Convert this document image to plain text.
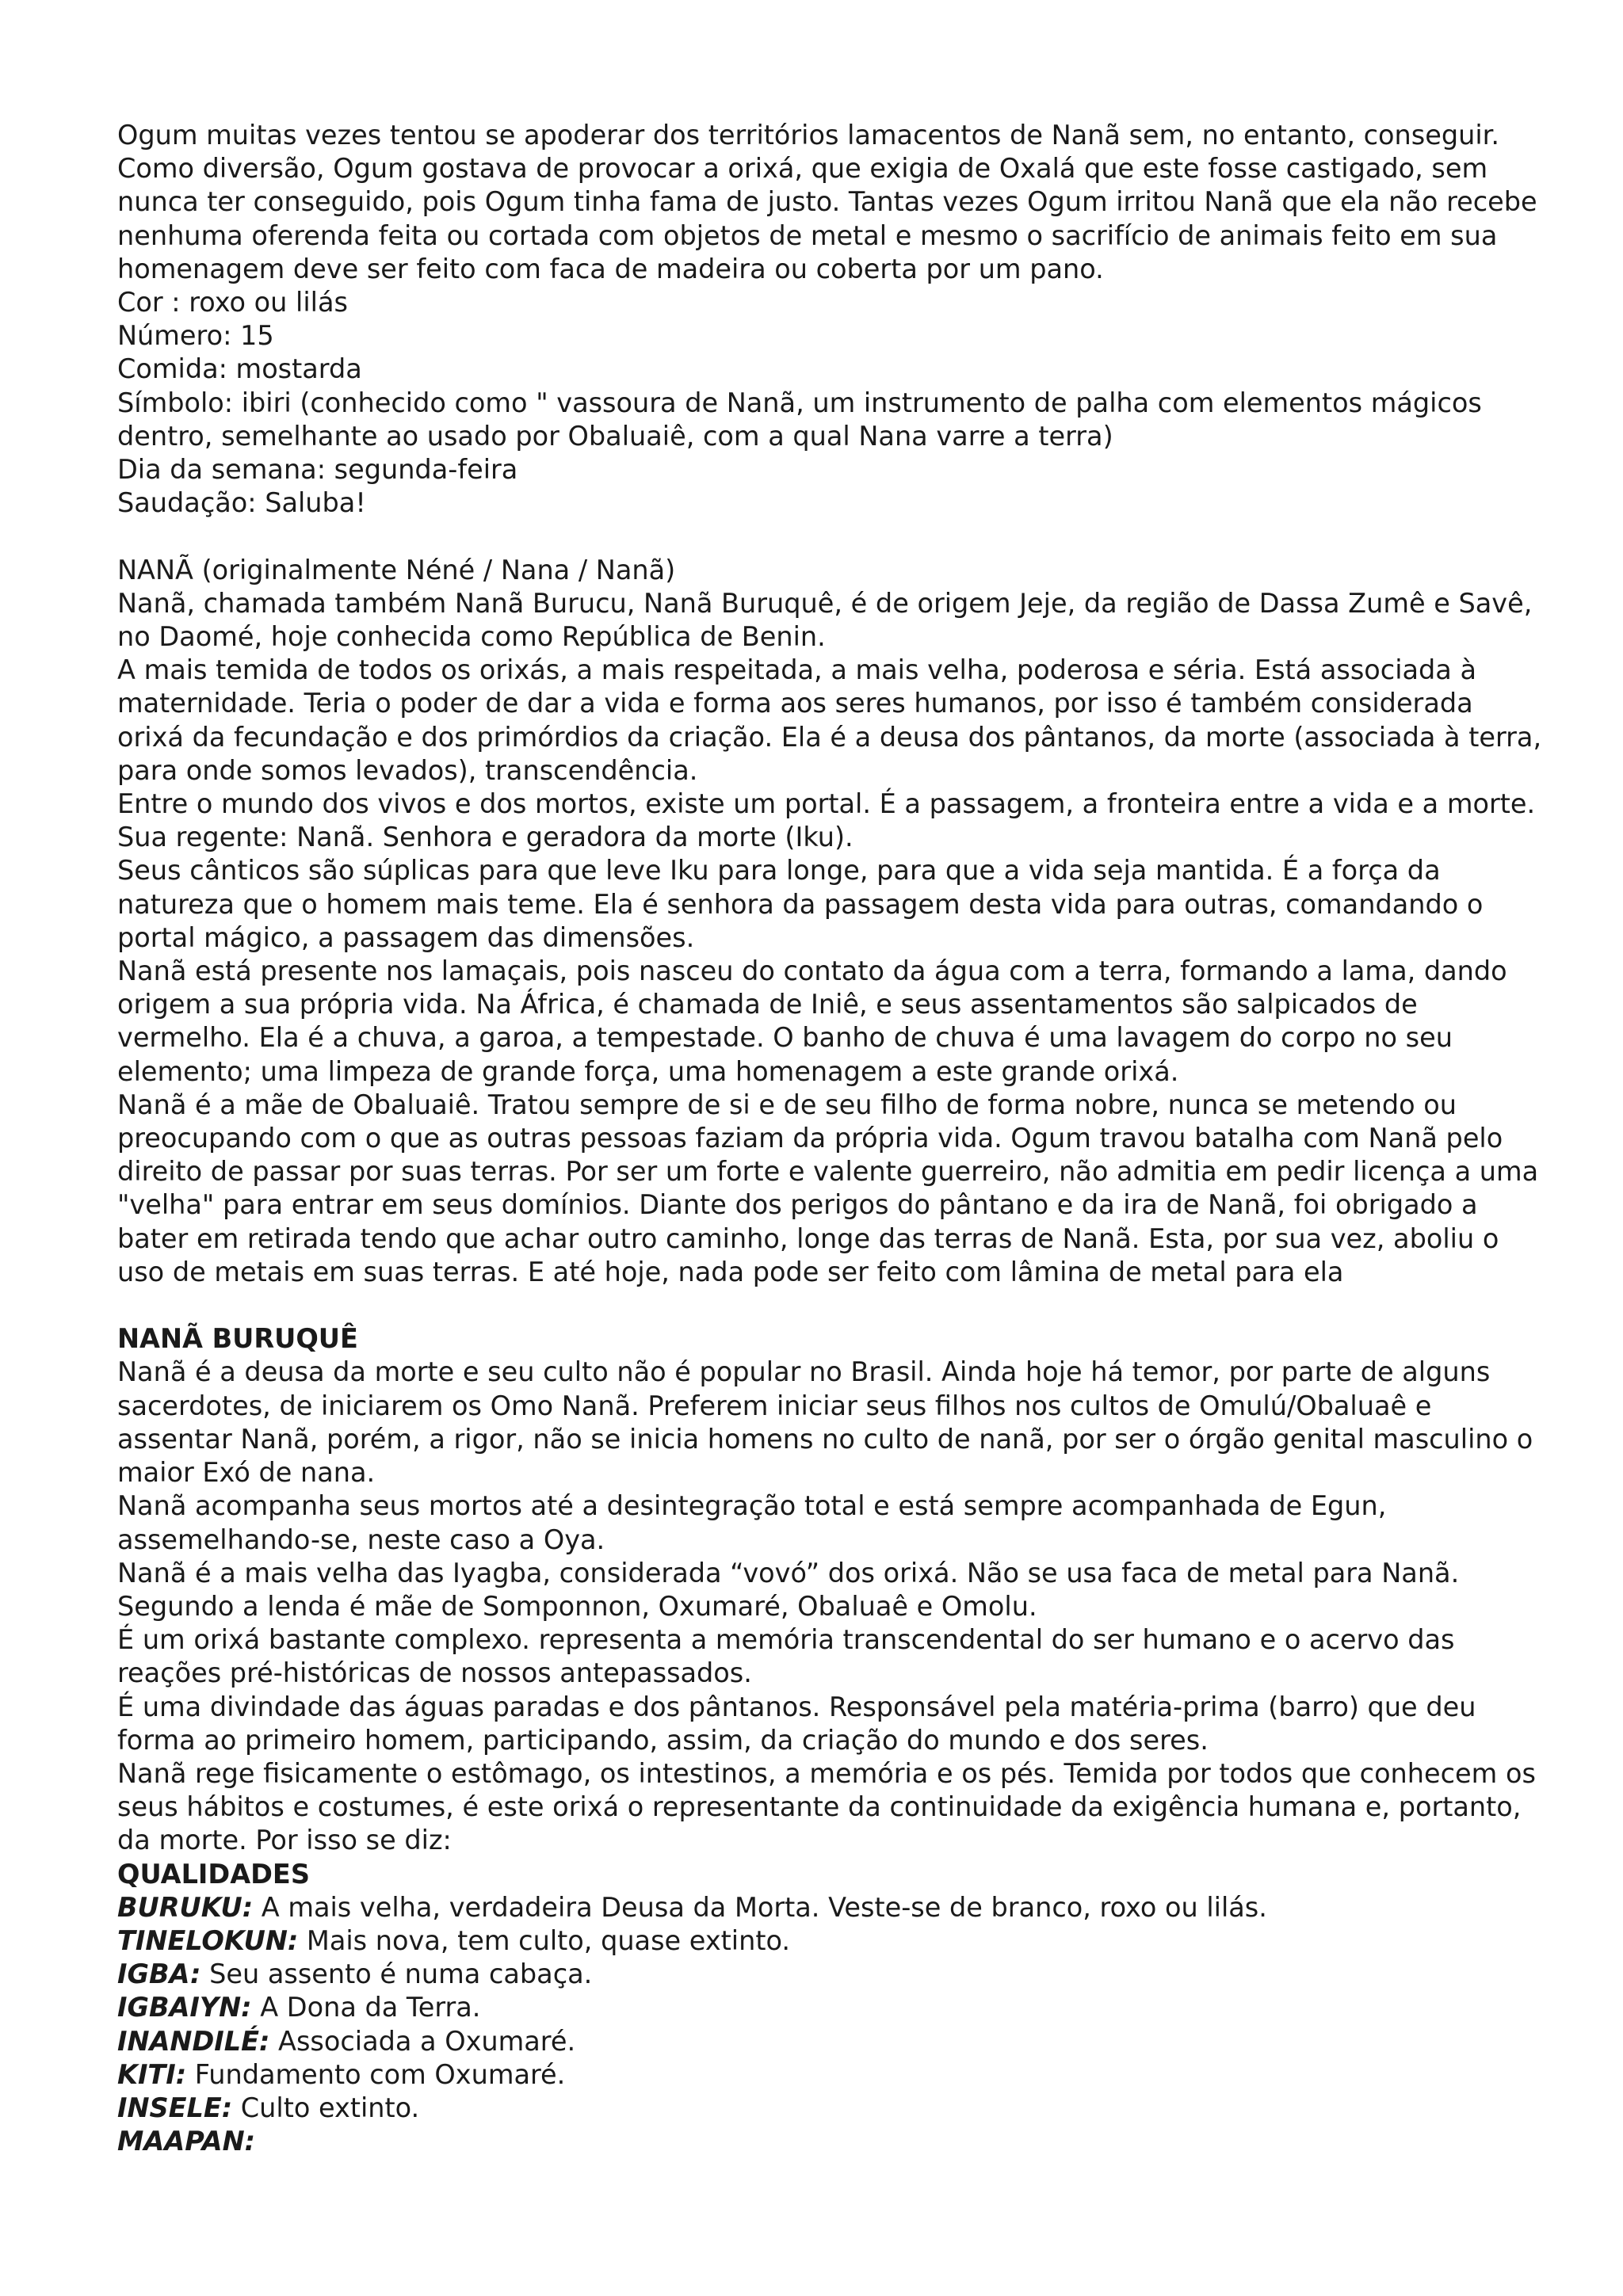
Ogum muitas vezes tentou se apoderar dos territórios lamacentos de Nanã sem, no entanto, conseguir. Como diversão, Ogum gostava de provocar a orixá, que exigia de Oxalá que este fosse castigado, sem nunca ter conseguido, pois Ogum tinha fama de justo. Tantas vezes Ogum irritou Nanã que ela não recebe nenhuma oferenda feita ou cortada com objetos de metal e mesmo o sacrifício de animais feito em sua homenagem deve ser feito com faca de madeira ou coberta por um pano.

Cor : roxo ou lilás

Número: 15

Comida: mostarda

Símbolo: ibiri (conhecido como " vassoura de Nanã, um instrumento de palha com elementos mágicos dentro, semelhante ao usado por Obaluaiê, com a qual Nana varre a terra)

Dia da semana: segunda-feira

Saudação: Saluba!

NANÃ (originalmente Néné / Nana / Nanã)

Nanã, chamada também Nanã Burucu, Nanã Buruquê, é de origem Jeje, da região de Dassa Zumê e Savê, no Daomé, hoje conhecida como República de Benin.

A mais temida de todos os orixás, a mais respeitada, a mais velha, poderosa e séria. Está associada à maternidade. Teria o poder de dar a vida e forma aos seres humanos, por isso é também considerada orixá da fecundação e dos primórdios da criação. Ela é a deusa dos pântanos, da morte (associada à terra, para onde somos levados), transcendência.

Entre o mundo dos vivos e dos mortos, existe um portal. É a passagem, a fronteira entre a vida e a morte. Sua regente: Nanã. Senhora e geradora da morte (Iku).

Seus cânticos são súplicas para que leve Iku para longe, para que a vida seja mantida. É a força da natureza que o homem mais teme. Ela é senhora da passagem desta vida para outras, comandando o portal mágico, a passagem das dimensões.

Nanã está presente nos lamaçais, pois nasceu do contato da água com a terra, formando a lama, dando origem a sua própria vida. Na África, é chamada de Iniê, e seus assentamentos são salpicados de vermelho. Ela é a chuva, a garoa, a tempestade. O banho de chuva é uma lavagem do corpo no seu elemento; uma limpeza de grande força, uma homenagem a este grande orixá.

Nanã é a mãe de Obaluaiê. Tratou sempre de si e de seu filho de forma nobre, nunca se metendo ou preocupando com o que as outras pessoas faziam da própria vida. Ogum travou batalha com Nanã pelo direito de passar por suas terras. Por ser um forte e valente guerreiro, não admitia em pedir licença a uma "velha" para entrar em seus domínios. Diante dos perigos do pântano e da ira de Nanã, foi obrigado a bater em retirada tendo que achar outro caminho, longe das terras de Nanã. Esta, por sua vez, aboliu o uso de metais em suas terras. E até hoje, nada pode ser feito com lâmina de metal para ela

NANÃ BURUQUÊ

Nanã é a deusa da morte e seu culto não é popular no Brasil. Ainda hoje há temor, por parte de alguns sacerdotes, de iniciarem os Omo Nanã. Preferem iniciar seus filhos nos cultos de Omulú/Obaluaê e assentar Nanã, porém, a rigor, não se inicia homens no culto de nanã, por ser o órgão genital masculino o maior Exó de nana.

Nanã acompanha seus mortos até a desintegração total e está sempre acompanhada de Egun, assemelhando-se, neste caso a Oya.

Nanã é a mais velha das Iyagba, considerada “vovó” dos orixá. Não se usa faca de metal para Nanã. Segundo a lenda é mãe de Somponnon, Oxumaré, Obaluaê e Omolu.

É um orixá bastante complexo. representa a memória transcendental do ser humano e o acervo das reações pré-históricas de nossos antepassados.

É uma divindade das águas paradas e dos pântanos. Responsável pela matéria-prima (barro) que deu forma ao primeiro homem, participando, assim, da criação do mundo e dos seres.

Nanã rege fisicamente o estômago, os intestinos, a memória e os pés. Temida por todos que conhecem os seus hábitos e costumes, é este orixá o representante da continuidade da exigência humana e, portanto, da morte. Por isso se diz:

QUALIDADES

BURUKU: A mais velha, verdadeira Deusa da Morta. Veste-se de branco, roxo ou lilás.

TINELOKUN: Mais nova, tem culto, quase extinto.

IGBA: Seu assento é numa cabaça.

IGBAIYN: A Dona da Terra.

INANDILÉ: Associada a Oxumaré.

KITI: Fundamento com Oxumaré.

INSELE: Culto extinto.

MAAPAN:
